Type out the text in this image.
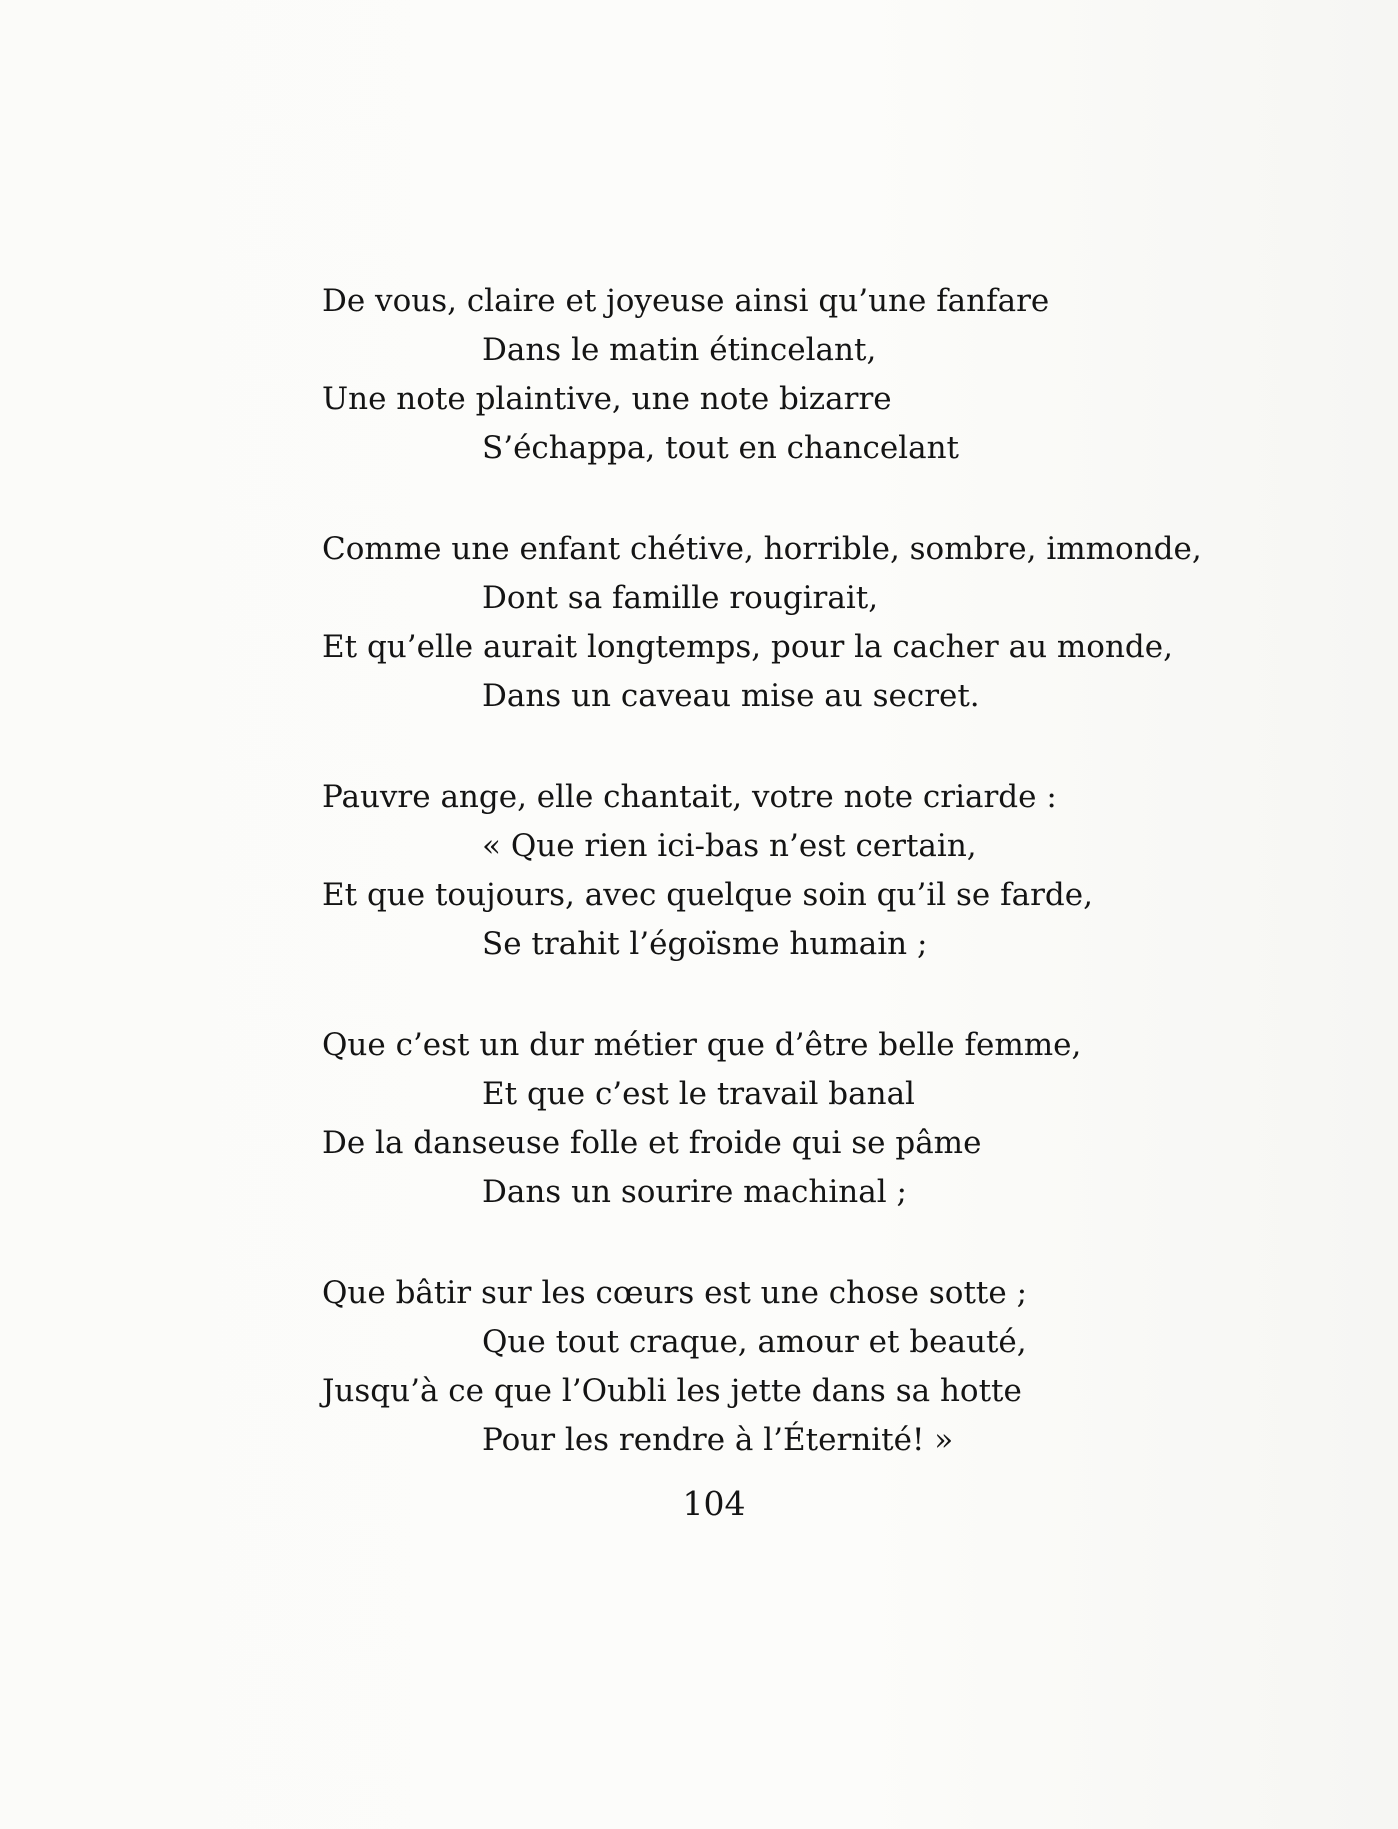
De vous, claire et joyeuse ainsi qu’une fanfare
Dans le matin étincelant,
Une note plaintive, une note bizarre
S’échappa, tout en chancelant
Comme une enfant chétive, horrible, sombre, immonde,
Dont sa famille rougirait,
Et qu’elle aurait longtemps, pour la cacher au monde,
Dans un caveau mise au secret.
Pauvre ange, elle chantait, votre note criarde :
« Que rien ici-bas n’est certain,
Et que toujours, avec quelque soin qu’il se farde,
Se trahit l’égoïsme humain ;
Que c’est un dur métier que d’être belle femme,
Et que c’est le travail banal
De la danseuse folle et froide qui se pâme
Dans un sourire machinal ;
Que bâtir sur les cœurs est une chose sotte ;
Que tout craque, amour et beauté,
Jusqu’à ce que l’Oubli les jette dans sa hotte
Pour les rendre à l’Éternité! »
104
